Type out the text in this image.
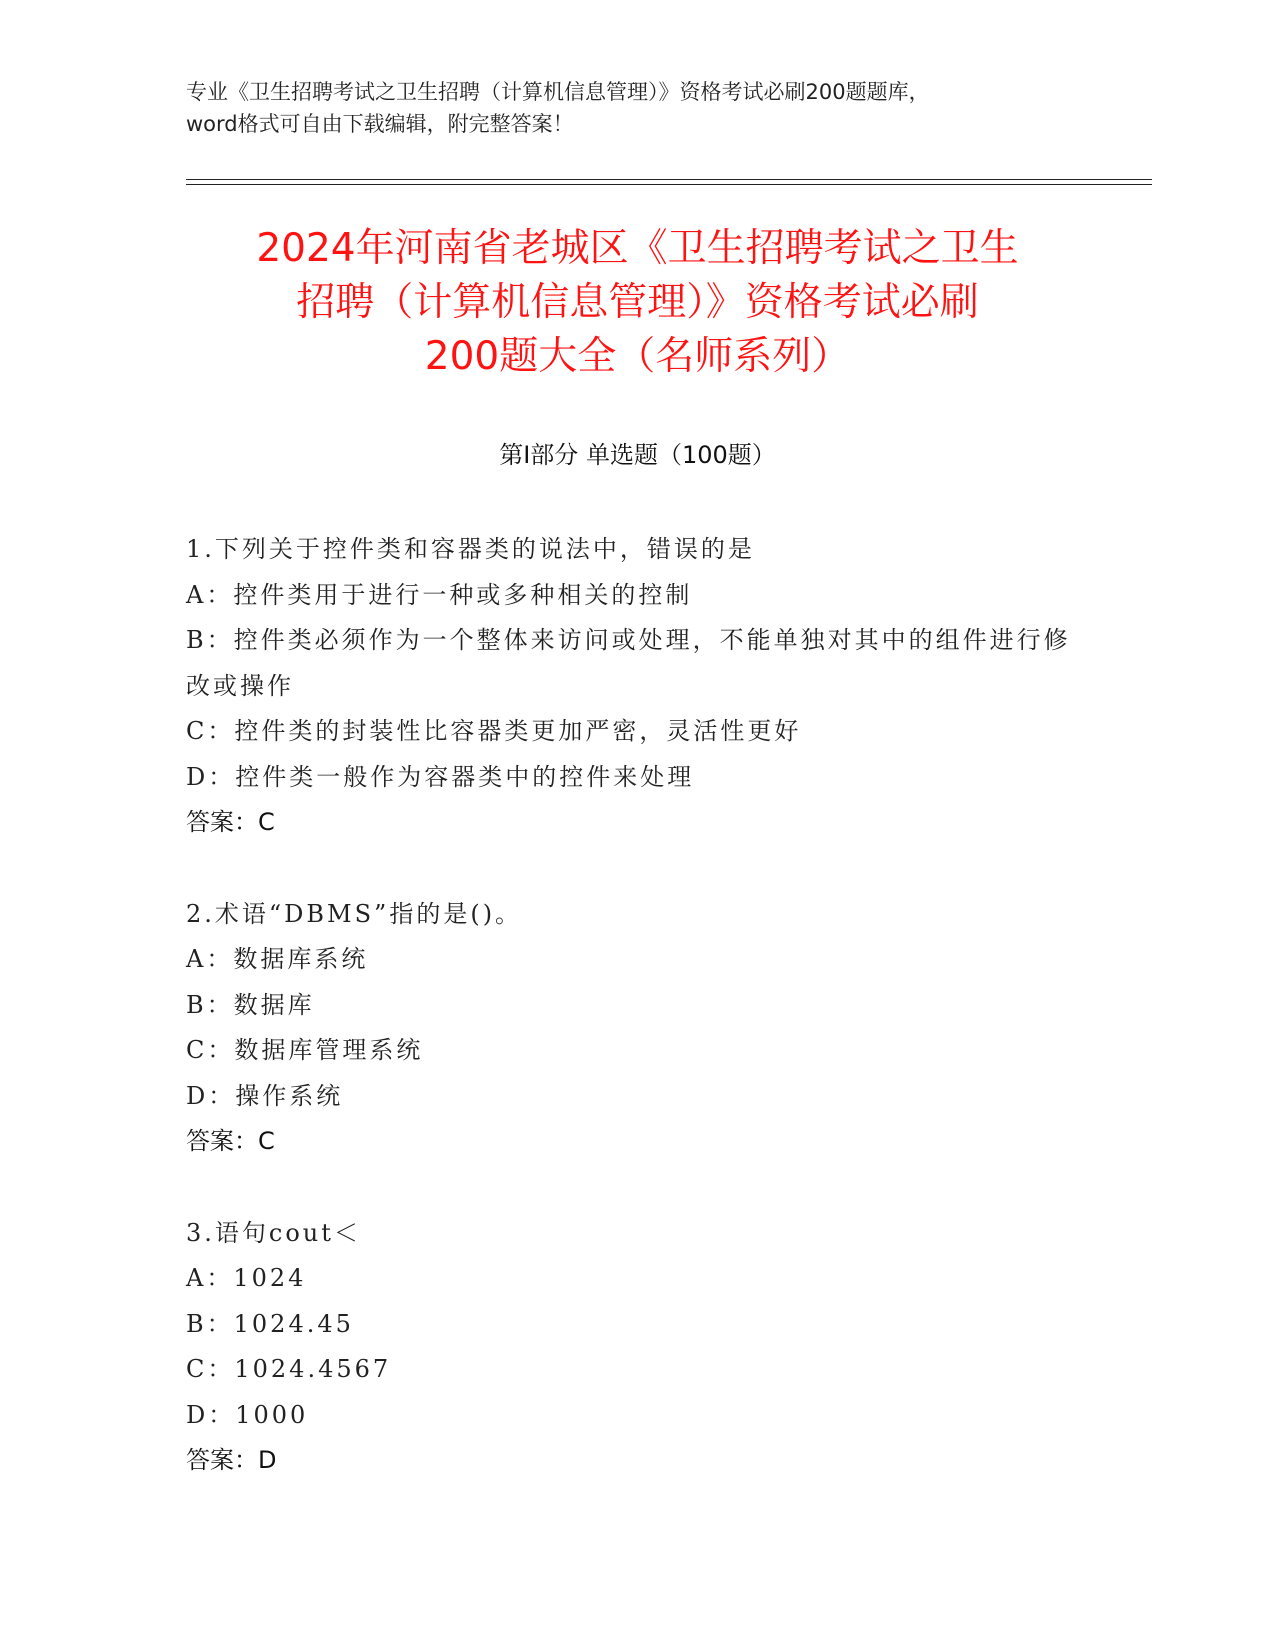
专业《卫生招聘考试之卫生招聘（计算机信息管理）》资格考试必刷200题题库，
word格式可自由下载编辑，附完整答案！
2024年河南省老城区《卫生招聘考试之卫生
招聘（计算机信息管理）》资格考试必刷
200题大全（名师系列）
第Ⅰ部分 单选题（100题）
1.下列关于控件类和容器类的说法中，错误的是
A：控件类用于进行一种或多种相关的控制
B：控件类必须作为一个整体来访问或处理，不能单独对其中的组件进行修改或操作
C：控件类的封装性比容器类更加严密，灵活性更好
D：控件类一般作为容器类中的控件来处理
答案：C
2.术语“DBMS”指的是()。
A：数据库系统
B：数据库
C：数据库管理系统
D：操作系统
答案：C
3.语句cout＜
A：1024
B：1024.45
C：1024.4567
D：1000
答案：D
